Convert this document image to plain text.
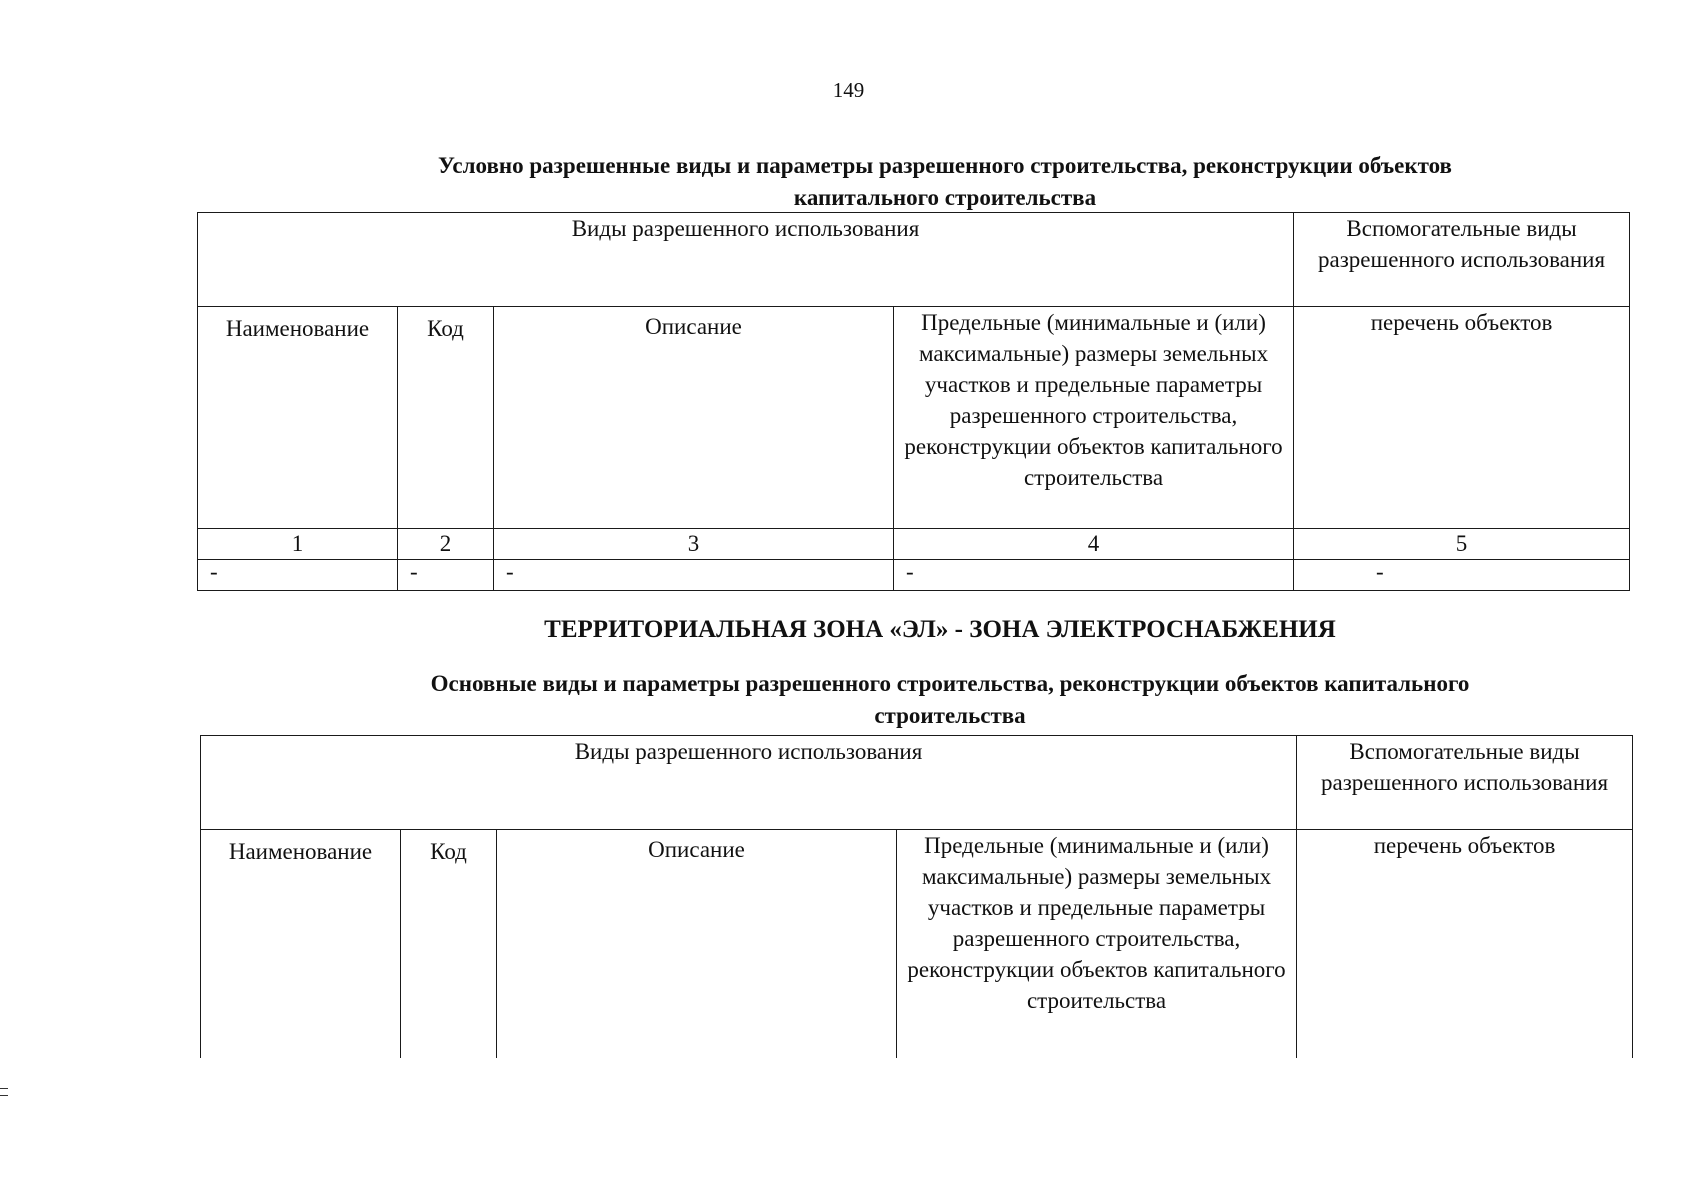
149
Условно разрешенные виды и параметры разрешенного строительства, реконструкции объектов
капитального строительства
Виды разрешенного использования				Вспомогательные виды разрешенного использования
Наименование	Код	Описание	Предельные (минимальные и (или) максимальные) размеры земельных участков и предельные параметры разрешенного строительства, реконструкции объектов капитального строительства	перечень объектов
1	2	3	4	5
-	-	-	-	-
ТЕРРИТОРИАЛЬНАЯ ЗОНА «ЭЛ» - ЗОНА ЭЛЕКТРОСНАБЖЕНИЯ
Основные виды и параметры разрешенного строительства, реконструкции объектов капитального
строительства
Виды разрешенного использования				Вспомогательные виды разрешенного использования
Наименование	Код	Описание	Предельные (минимальные и (или) максимальные) размеры земельных участков и предельные параметры разрешенного строительства, реконструкции объектов капитального строительства	перечень объектов
